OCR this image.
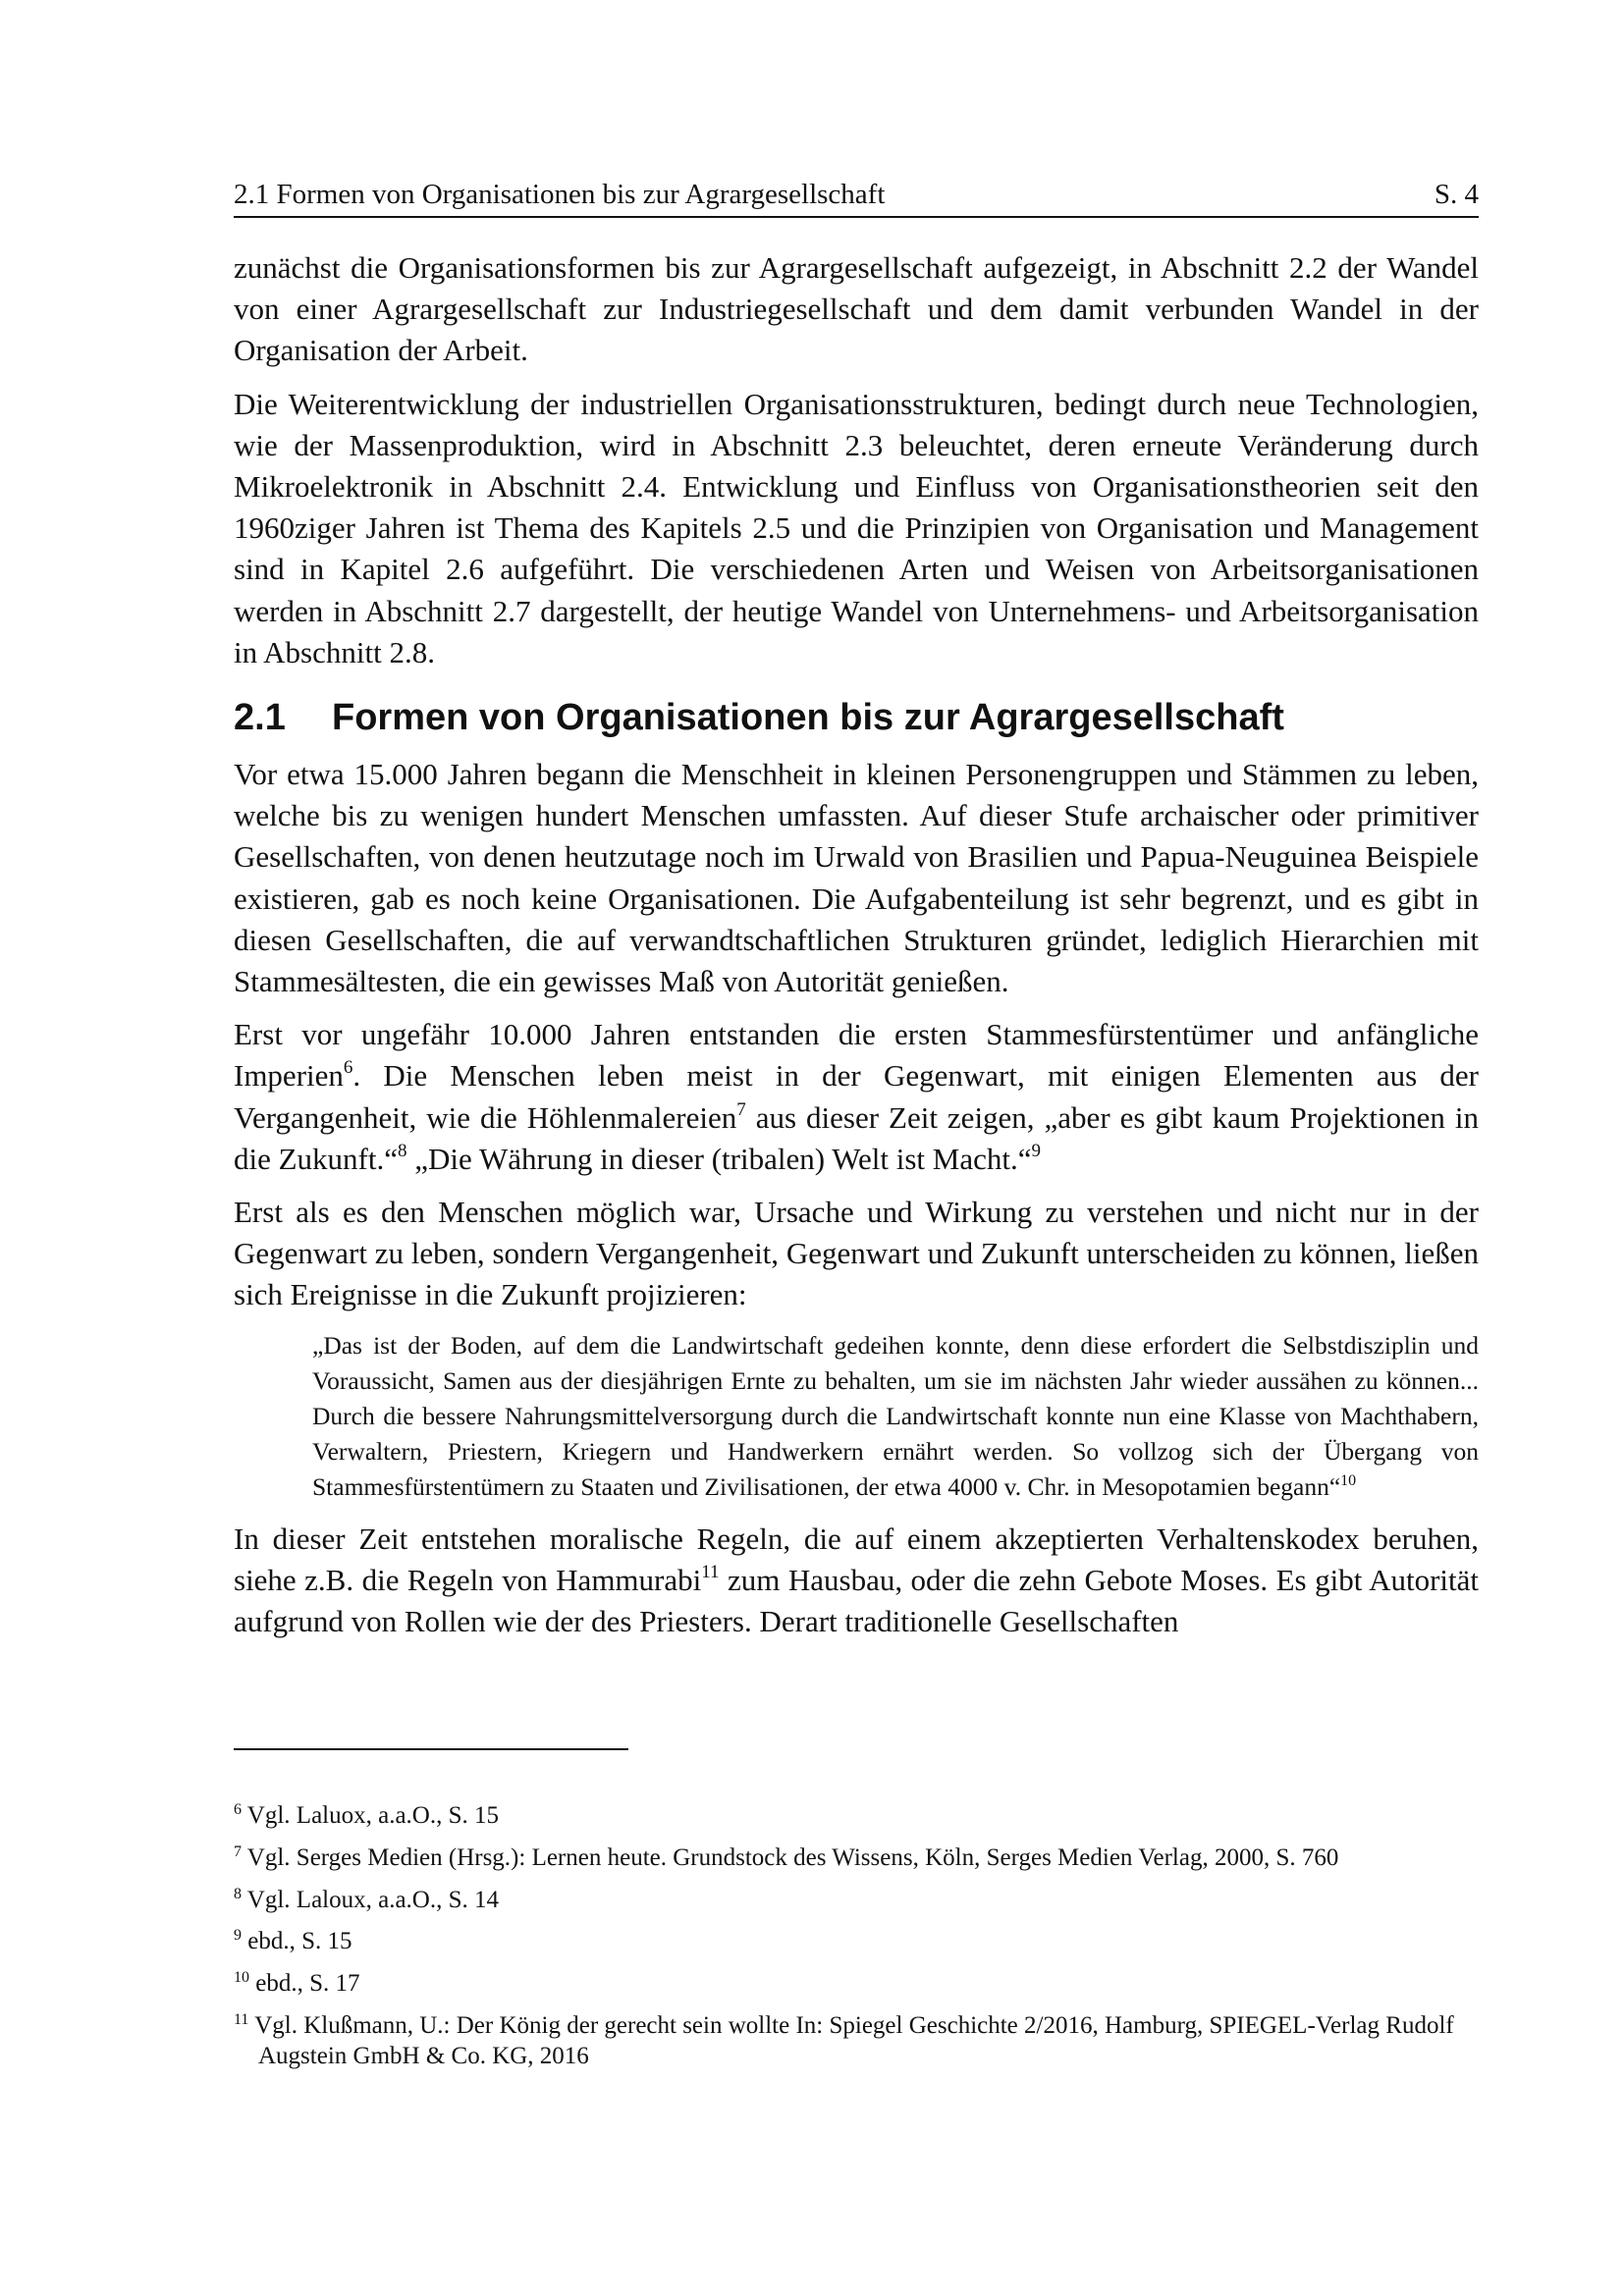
2.1 Formen von Organisationen bis zur Agrargesellschaft	S. 4

zunächst die Organisationsformen bis zur Agrargesellschaft aufgezeigt, in Abschnitt 2.2 der Wandel von einer Agrargesellschaft zur Industriegesellschaft und dem damit verbunden Wandel in der Organisation der Arbeit.

Die Weiterentwicklung der industriellen Organisationsstrukturen, bedingt durch neue Technologien, wie der Massenproduktion, wird in Abschnitt 2.3 beleuchtet, deren erneute Veränderung durch Mikroelektronik in Abschnitt 2.4. Entwicklung und Einfluss von Organisationstheorien seit den 1960ziger Jahren ist Thema des Kapitels 2.5 und die Prinzipien von Organisation und Management sind in Kapitel 2.6 aufgeführt. Die verschiedenen Arten und Weisen von Arbeitsorganisationen werden in Abschnitt 2.7 dargestellt, der heutige Wandel von Unternehmens- und Arbeitsorganisation in Abschnitt 2.8.

2.1 Formen von Organisationen bis zur Agrargesellschaft

Vor etwa 15.000 Jahren begann die Menschheit in kleinen Personengruppen und Stämmen zu leben, welche bis zu wenigen hundert Menschen umfassten. Auf dieser Stufe archaischer oder primitiver Gesellschaften, von denen heutzutage noch im Urwald von Brasilien und Papua-Neuguinea Beispiele existieren, gab es noch keine Organisationen. Die Aufgabenteilung ist sehr begrenzt, und es gibt in diesen Gesellschaften, die auf verwandtschaftlichen Strukturen gründet, lediglich Hierarchien mit Stammesältesten, die ein gewisses Maß von Autorität genießen.

Erst vor ungefähr 10.000 Jahren entstanden die ersten Stammesfürstentümer und anfängliche Imperien$^6$. Die Menschen leben meist in der Gegenwart, mit einigen Elementen aus der Vergangenheit, wie die Höhlenmalereien$^7$ aus dieser Zeit zeigen, „aber es gibt kaum Projektionen in die Zukunft.“$^8$ „Die Währung in dieser (tribalen) Welt ist Macht.“$^9$

Erst als es den Menschen möglich war, Ursache und Wirkung zu verstehen und nicht nur in der Gegenwart zu leben, sondern Vergangenheit, Gegenwart und Zukunft unterscheiden zu können, ließen sich Ereignisse in die Zukunft projizieren:

„Das ist der Boden, auf dem die Landwirtschaft gedeihen konnte, denn diese erfordert die Selbstdisziplin und Voraussicht, Samen aus der diesjährigen Ernte zu behalten, um sie im nächsten Jahr wieder aussähen zu können... Durch die bessere Nahrungsmittelversorgung durch die Landwirtschaft konnte nun eine Klasse von Machthabern, Verwaltern, Priestern, Kriegern und Handwerkern ernährt werden. So vollzog sich der Übergang von Stammesfürstentümern zu Staaten und Zivilisationen, der etwa 4000 v. Chr. in Mesopotamien begann“$^{10}$

In dieser Zeit entstehen moralische Regeln, die auf einem akzeptierten Verhaltenskodex beruhen, siehe z.B. die Regeln von Hammurabi$^{11}$ zum Hausbau, oder die zehn Gebote Moses. Es gibt Autorität aufgrund von Rollen wie der des Priesters. Derart traditionelle Gesellschaften

$^6$ Vgl. Laluox, a.a.O., S. 15
$^7$ Vgl. Serges Medien (Hrsg.): Lernen heute. Grundstock des Wissens, Köln, Serges Medien Verlag, 2000, S. 760
$^8$ Vgl. Laloux, a.a.O., S. 14
$^9$ ebd., S. 15
$^{10}$ ebd., S. 17
$^{11}$ Vgl. Klußmann, U.: Der König der gerecht sein wollte In: Spiegel Geschichte 2/2016, Hamburg, SPIEGEL-Verlag Rudolf Augstein GmbH & Co. KG, 2016
